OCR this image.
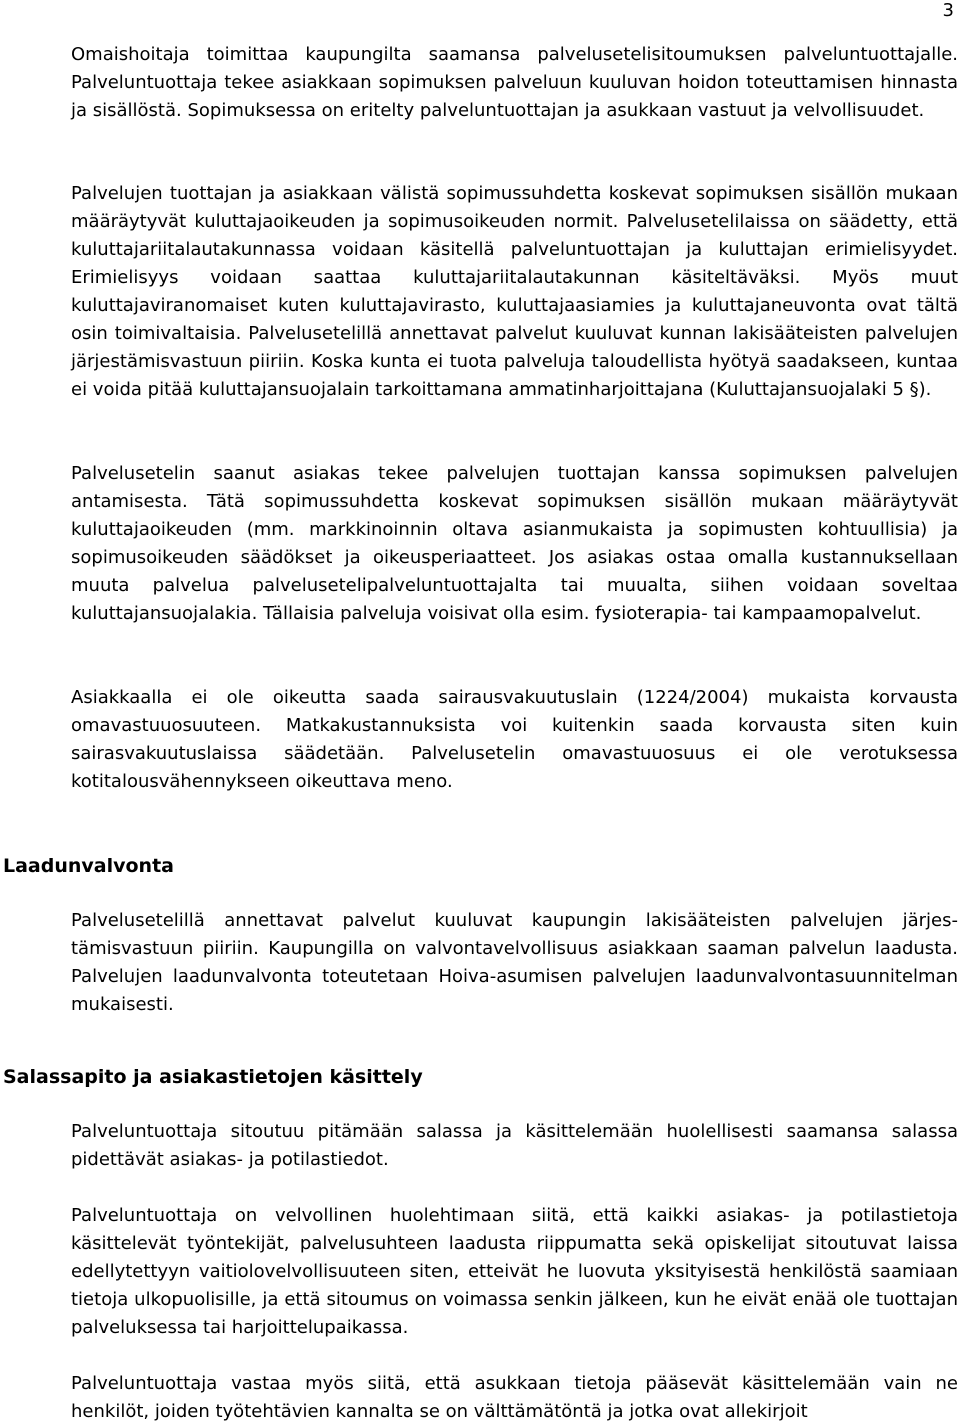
3

Omaishoitaja toimittaa kaupungilta saamansa palvelusetelisitoumuksen palveluntuottajalle. Palveluntuottaja tekee asiakkaan sopimuksen palveluun kuuluvan hoidon toteuttamisen hinnasta ja sisällöstä. Sopimuksessa on eritelty palveluntuottajan ja asukkaan vastuut ja velvollisuudet.

Palvelujen tuottajan ja asiakkaan välistä sopimussuhdetta koskevat sopimuksen sisällön mukaan määräytyvät kuluttajaoikeuden ja sopimusoikeuden normit. Palvelusetelilaissa on säädetty, että kuluttajariitalautakunnassa voidaan käsitellä palveluntuottajan ja kuluttajan erimielisyydet. Erimielisyys voidaan saattaa kuluttajariitalautakunnan käsiteltäväksi. Myös muut kuluttajaviranomaiset kuten kuluttajavirasto, kuluttajaasiamies ja kuluttajaneuvonta ovat tältä osin toimivaltaisia. Palvelusetelillä annettavat palvelut kuuluvat kunnan lakisääteisten palvelujen järjestämisvastuun piiriin. Koska kunta ei tuota palveluja taloudellista hyötyä saadakseen, kuntaa ei voida pitää kuluttajansuojalain tarkoittamana ammatinharjoittajana (Kuluttajansuojalaki 5 §).

Palvelusetelin saanut asiakas tekee palvelujen tuottajan kanssa sopimuksen palvelujen antamisesta. Tätä sopimussuhdetta koskevat sopimuksen sisällön mukaan määräytyvät kuluttajaoikeuden (mm. markkinoinnin oltava asianmukaista ja sopimusten kohtuullisia) ja sopimusoikeuden säädökset ja oikeusperiaatteet. Jos asiakas ostaa omalla kustannuksellaan muuta palvelua palvelusetelipalveluntuottajalta tai muualta, siihen voidaan soveltaa kuluttajansuojalakia. Tällaisia palveluja voisivat olla esim. fysioterapia- tai kampaamopalvelut.

Asiakkaalla ei ole oikeutta saada sairausvakuutuslain (1224/2004) mukaista korvausta omavastuuosuuteen. Matkakustannuksista voi kuitenkin saada korvausta siten kuin sairasvakuutuslaissa säädetään. Palvelusetelin omavastuuosuus ei ole verotuksessa kotitalousvähennykseen oikeuttava meno.

Laadunvalvonta

Palvelusetelillä annettavat palvelut kuuluvat kaupungin lakisääteisten palvelujen järjestämisvastuun piiriin. Kaupungilla on valvontavelvollisuus asiakkaan saaman palvelun laadusta. Palvelujen laadunvalvonta toteutetaan Hoiva-asumisen palvelujen laadunvalvontasuunnitelman mukaisesti.

Salassapito ja asiakastietojen käsittely

Palveluntuottaja sitoutuu pitämään salassa ja käsittelemään huolellisesti saamansa salassa pidettävät asiakas- ja potilastiedot.

Palveluntuottaja on velvollinen huolehtimaan siitä, että kaikki asiakas- ja potilastietoja käsittelevät työntekijät, palvelusuhteen laadusta riippumatta sekä opiskelijat sitoutuvat laissa edellytettyyn vaitiolovelvollisuuteen siten, etteivät he luovuta yksityisestä henkilöstä saamiaan tietoja ulkopuolisille, ja että sitoumus on voimassa senkin jälkeen, kun he eivät enää ole tuottajan palveluksessa tai harjoittelupaikassa.

Palveluntuottaja vastaa myös siitä, että asukkaan tietoja pääsevät käsittelemään vain ne henkilöt, joiden työtehtävien kannalta se on välttämätöntä ja jotka ovat allekirjoit
